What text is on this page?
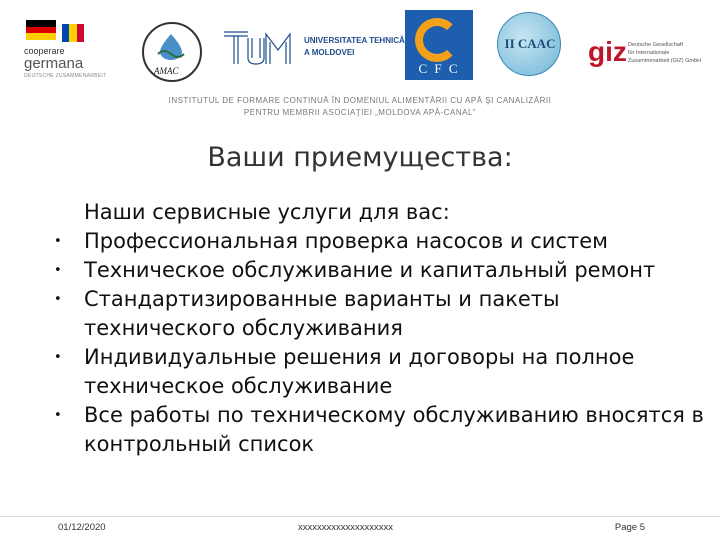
cooperare
germana
DEUTSCHE ZUSAMMENARBEIT	AMAC
UNIVERSITATEA TEHNICĂ
A MOLDOVEI
C F C
II CAAC giz Deutsche Gesellschaft
für Internationale
Zusammenarbeit (GIZ) GmbH
INSTITUTUL DE FORMARE CONTINUĂ ÎN DOMENIUL ALIMENTĂRII CU APĂ ŞI CANALIZĂRII
PENTRU MEMBRII ASOCIAŢIEI „MOLDOVA APĂ-CANAL”
Ваши приемущества:

Наши сервисные услуги для вас:

• Профессиональная проверка насосов и систем
• Техническое обслуживание и капитальный ремонт
• Стандартизированные варианты и пакеты технического обслуживания
• Индивидуальные решения и договоры на полное техническое обслуживание
• Все работы по техническому обслуживанию вносятся в контрольный список
01/12/2020	xxxxxxxxxxxxxxxxxxxx	Page 5
